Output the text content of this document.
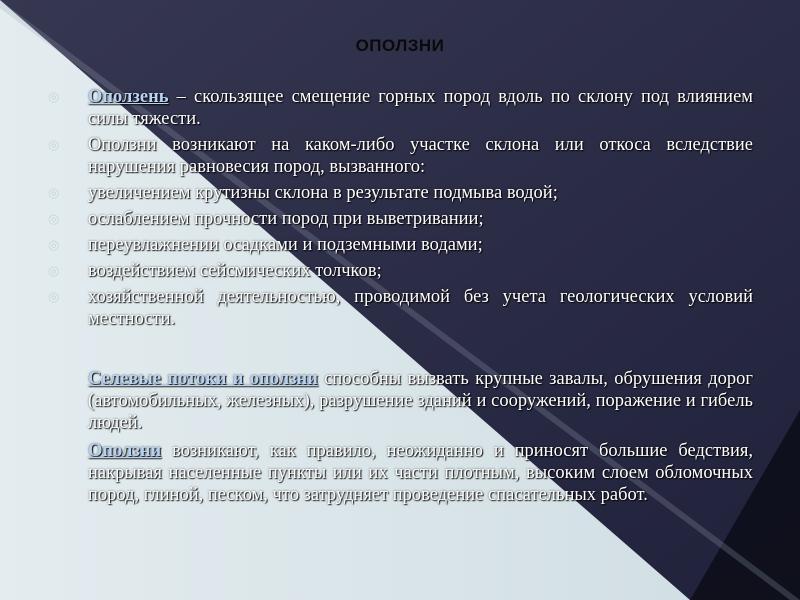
ОПОЛЗНИ
◎ Оползень – скользящее смещение горных пород вдоль по склону под влиянием силы тяжести.
◎ Оползни возникают на каком-либо участке склона или откоса вследствие нарушения равновесия пород, вызванного:
◎ увеличением крутизны склона в результате подмыва водой;
◎ ослаблением прочности пород при выветривании;
◎ переувлажнении осадками и подземными водами;
◎ воздействием сейсмических толчков;
◎ хозяйственной деятельностью, проводимой без учета геологических условий местности.
Селевые потоки и оползни способны вызвать крупные завалы, обрушения дорог (автомобильных, железных), разрушение зданий и сооружений, поражение и гибель людей.
Оползни возникают, как правило, неожиданно и приносят большие бедствия, накрывая населенные пункты или их части плотным, высоким слоем обломочных пород, глиной, песком, что затрудняет проведение спасательных работ.
